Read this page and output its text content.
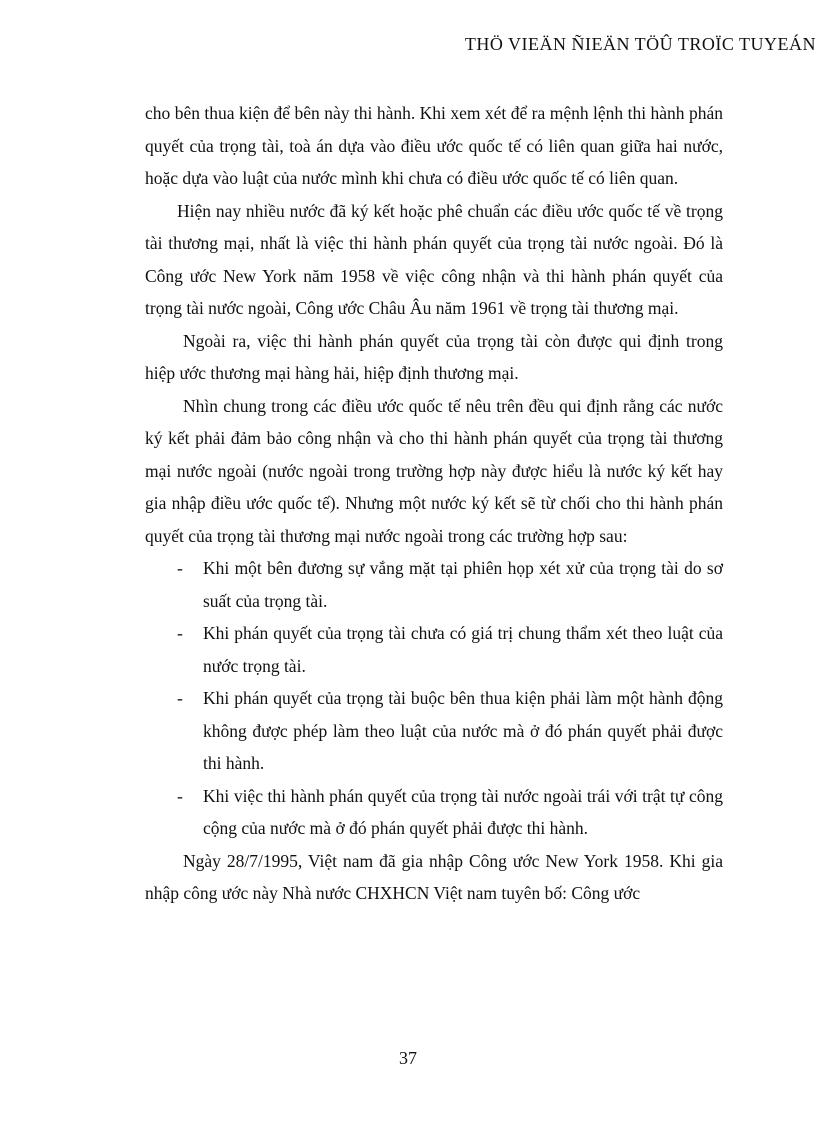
THÖ VIEÄN ÑIEÄN TÖÛ TROÏC TUYEÁN

cho bên thua kiện để bên này thi hành. Khi xem xét để ra mệnh lệnh thi hành phán quyết của trọng tài, toà án dựa vào điều ước quốc tế có liên quan giữa hai nước, hoặc dựa vào luật của nước mình khi chưa có điều ước quốc tế có liên quan.

Hiện nay nhiều nước đã ký kết hoặc phê chuẩn các điều ước quốc tế về trọng tài thương mại, nhất là việc thi hành phán quyết của trọng tài nước ngoài. Đó là Công ước New York năm 1958 về việc công nhận và thi hành phán quyết của trọng tài nước ngoài, Công ước Châu Âu năm 1961 về trọng tài thương mại.

Ngoài ra, việc thi hành phán quyết của trọng tài còn được qui định trong hiệp ước thương mại hàng hải, hiệp định thương mại.

Nhìn chung trong các điều ước quốc tế nêu trên đều qui định rằng các nước ký kết phải đảm bảo công nhận và cho thi hành phán quyết của trọng tài thương mại nước ngoài (nước ngoài trong trường hợp này được hiểu là nước ký kết hay gia nhập điều ước quốc tế). Nhưng một nước ký kết sẽ từ chối cho thi hành phán quyết của trọng tài thương mại nước ngoài trong các trường hợp sau:

- Khi một bên đương sự vắng mặt tại phiên họp xét xử của trọng tài do sơ suất của trọng tài.
- Khi phán quyết của trọng tài chưa có giá trị chung thẩm xét theo luật của nước trọng tài.
- Khi phán quyết của trọng tài buộc bên thua kiện phải làm một hành động không được phép làm theo luật của nước mà ở đó phán quyết phải được thi hành.
- Khi việc thi hành phán quyết của trọng tài nước ngoài trái với trật tự công cộng của nước mà ở đó phán quyết phải được thi hành.

Ngày 28/7/1995, Việt nam đã gia nhập Công ước New York 1958. Khi gia nhập công ước này Nhà nước CHXHCN Việt nam tuyên bố: Công ước

37
